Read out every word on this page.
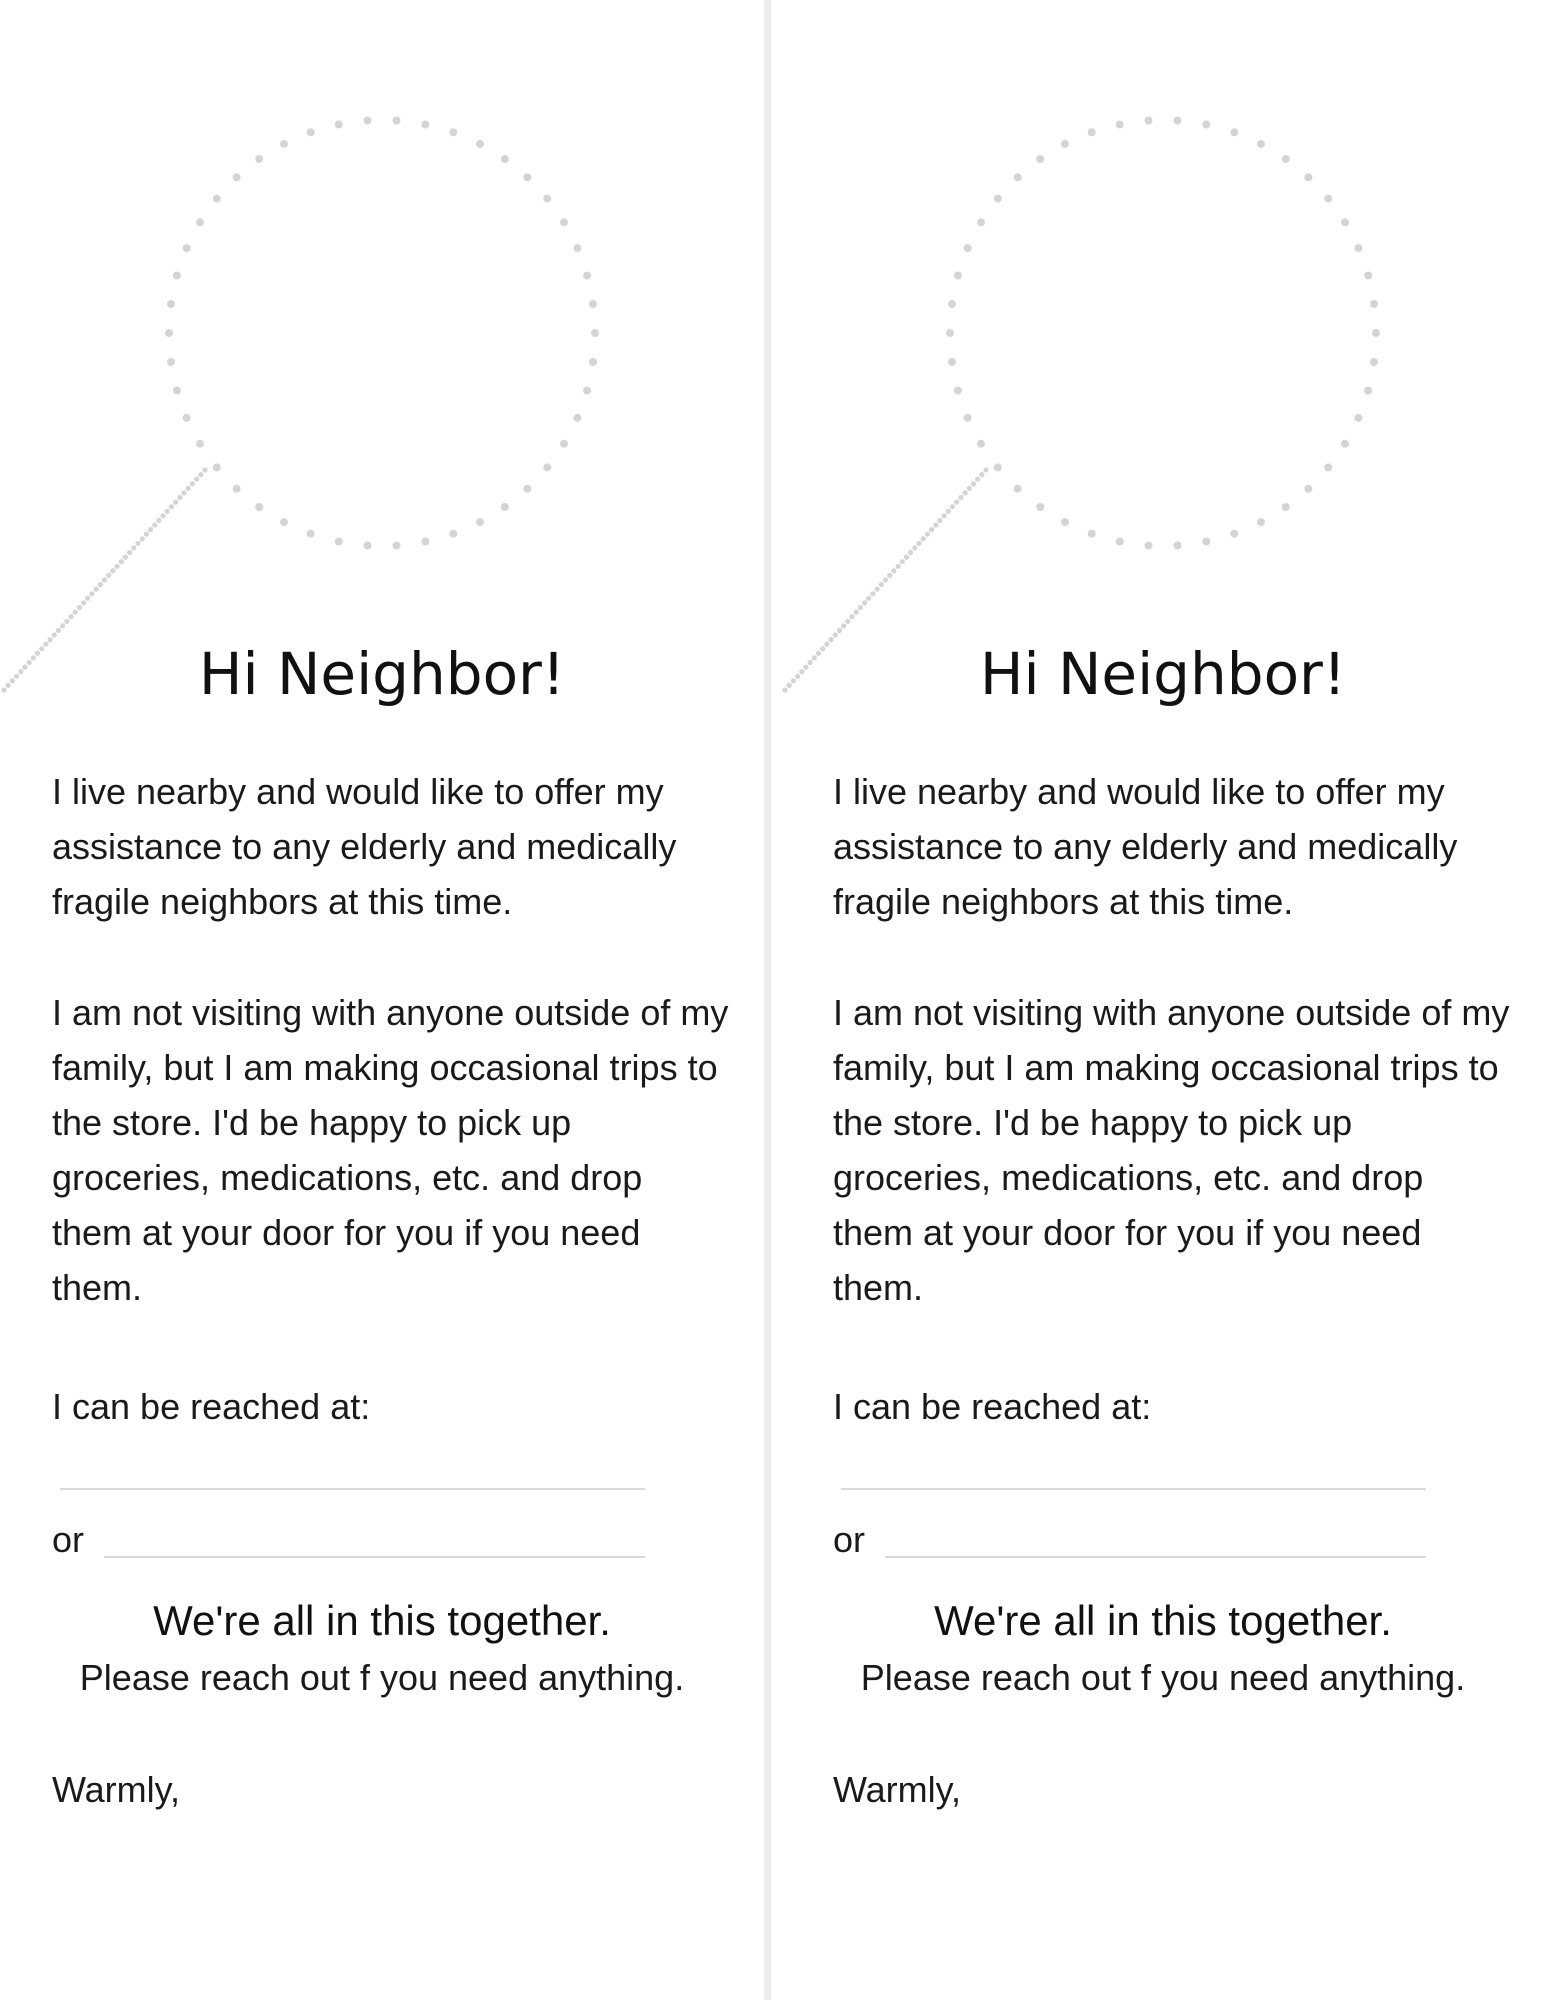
Hi Neighbor!

I live nearby and would like to offer my assistance to any elderly and medically fragile neighbors at this time.

I am not visiting with anyone outside of my family, but I am making occasional trips to the store. I'd be happy to pick up groceries, medications, etc. and drop them at your door for you if you need them.

I can be reached at:

or

We're all in this together.

Please reach out f you need anything.

Warmly,

Hi Neighbor!

I live nearby and would like to offer my assistance to any elderly and medically fragile neighbors at this time.

I am not visiting with anyone outside of my family, but I am making occasional trips to the store. I'd be happy to pick up groceries, medications, etc. and drop them at your door for you if you need them.

I can be reached at:

or

We're all in this together.

Please reach out f you need anything.

Warmly,
